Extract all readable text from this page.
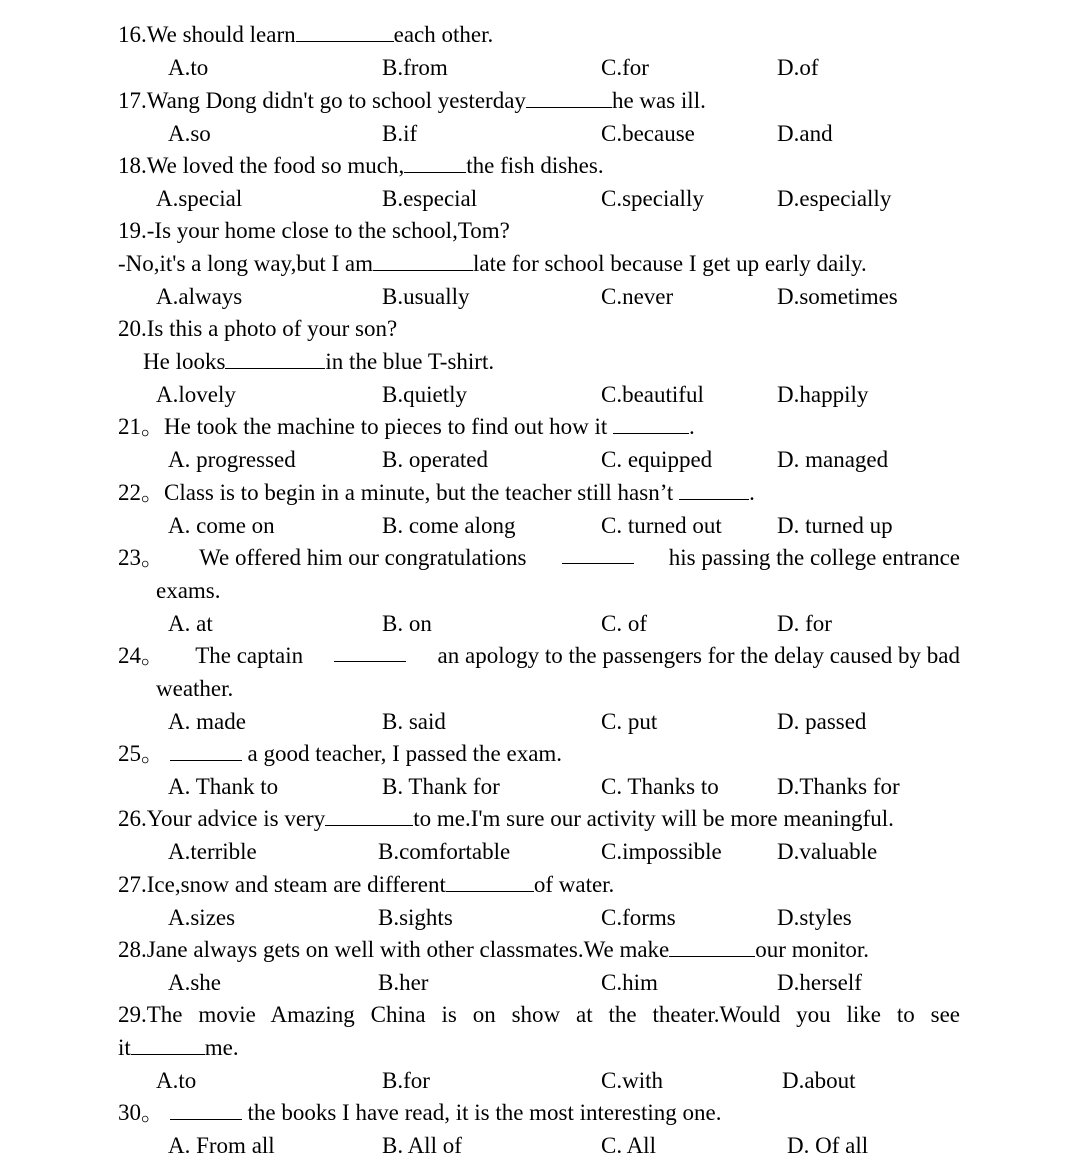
16.We should learn	each other.
A.to	B.from	C.for	D.of
17.Wang Dong didn't go to school yesterday	he was ill.
A.so	B.if	C.because	D.and
18.We loved the food so much,	the fish dishes.
A.special	B.especial	C.specially	D.especially
19.-Is your home close to the school,Tom?
-No,it's a long way,but I am	late for school because I get up early daily.
A.always	B.usually	C.never	D.sometimes
20.Is this a photo of your son?
He looks	in the blue T-shirt.
A.lovely	B.quietly	C.beautiful	D.happily
21。He took the machine to pieces to find out how it	.
A. progressed	B. operated	C. equipped	D. managed
22。Class is to begin in a minute, but the teacher still hasn’t	.
A. come on	B. come along	C. turned out D. turned up
23。 We offered him our congratulations	his passing the college entrance
exams.
A. at	B. on	C. of	D. for
24。 The captain	an apology to the passengers for the delay caused by bad
weather.
A. made	B. said	C. put	D. passed
25。	a good teacher, I passed the exam.
A. Thank to	B. Thank for	C. Thanks to	D.Thanks for
26.Your advice is very	to me.I'm sure our activity will be more meaningful.
A.terrible	B.comfortable	C.impossible D.valuable
27.Ice,snow and steam are different	of water.
A.sizes	B.sights	C.forms	D.styles
28.Jane always gets on well with other classmates.We make	our monitor.
A.she	B.her	C.him	D.herself
29.The movie Amazing China is on show at the theater.Would you like to see
it	me.
A.to	B.for	C.with	D.about
30。	the books I have read, it is the most interesting one.
A. From all	B. All of	C. All	D. Of all
